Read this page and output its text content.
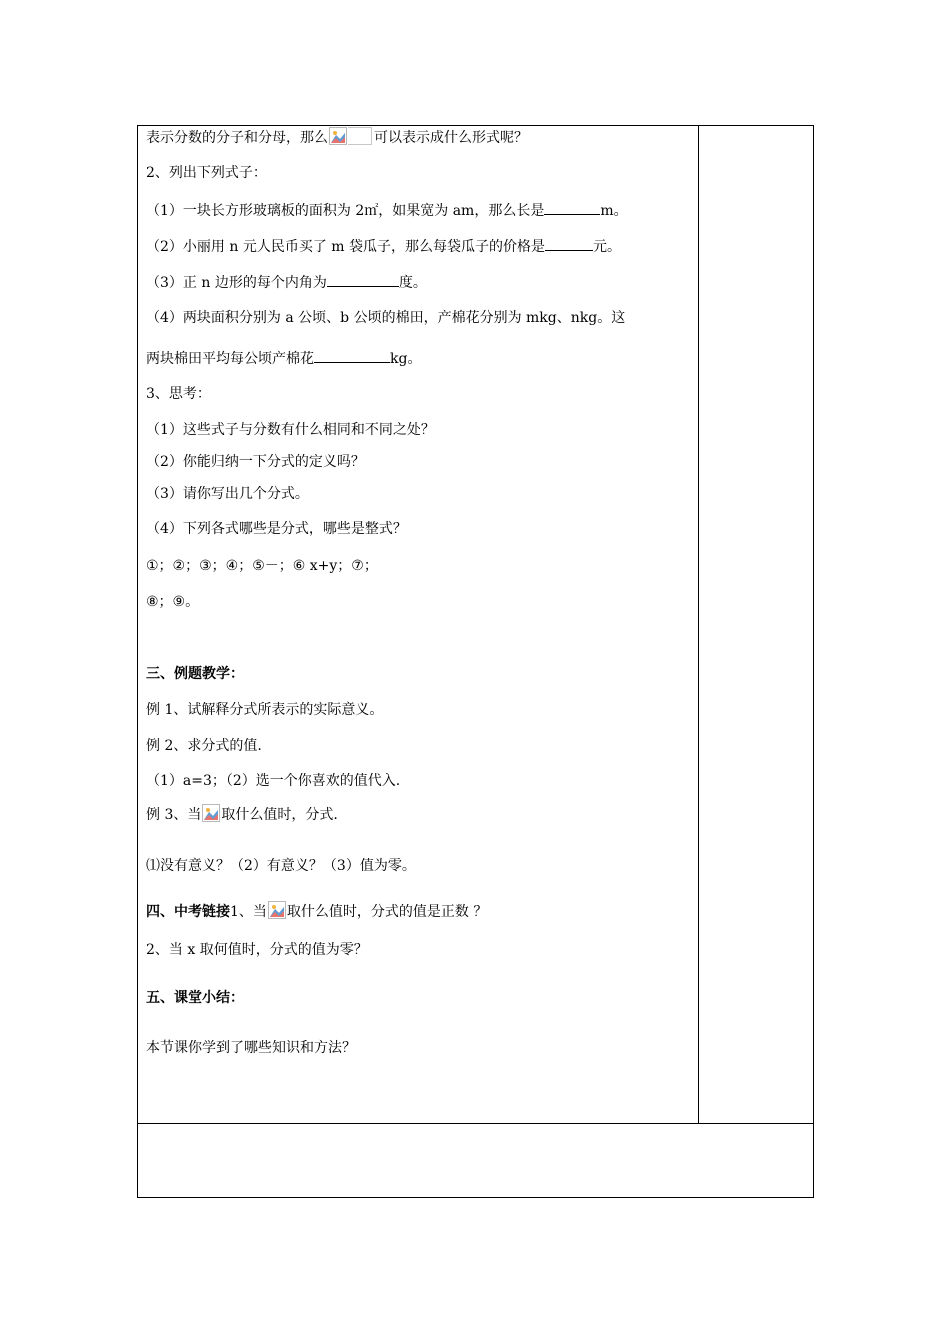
表示分数的分子和分母，那么	可以表示成什么形式呢？
2、列出下列式子：
（1）一块长方形玻璃板的面积为 2㎡，如果宽为 am，那么长是	m。
（2）小丽用 n 元人民币买了 m 袋瓜子，那么每袋瓜子的价格是	元。
（3）正 n 边形的每个内角为	度。
（4）两块面积分别为 a 公顷、b 公顷的棉田，产棉花分别为 mkg、nkg。这
两块棉田平均每公顷产棉花	kg。
3、思考：
（1）这些式子与分数有什么相同和不同之处？
（2）你能归纳一下分式的定义吗？
（3）请你写出几个分式。
（4）下列各式哪些是分式，哪些是整式？
①；②；③；④；⑤－；⑥ x+y；⑦；
⑧；⑨。
三、例题教学：
例 1、试解释分式所表示的实际意义。
例 2、求分式的值.
（1）a=3；（2）选一个你喜欢的值代入.
例 3、当 取什么值时，分式.
⑴没有意义？（2）有意义？（3）值为零。
四、中考链接1、当 取什么值时，分式的值是正数 ？
2、当 x 取何值时，分式的值为零？
五、课堂小结：
本节课你学到了哪些知识和方法？
